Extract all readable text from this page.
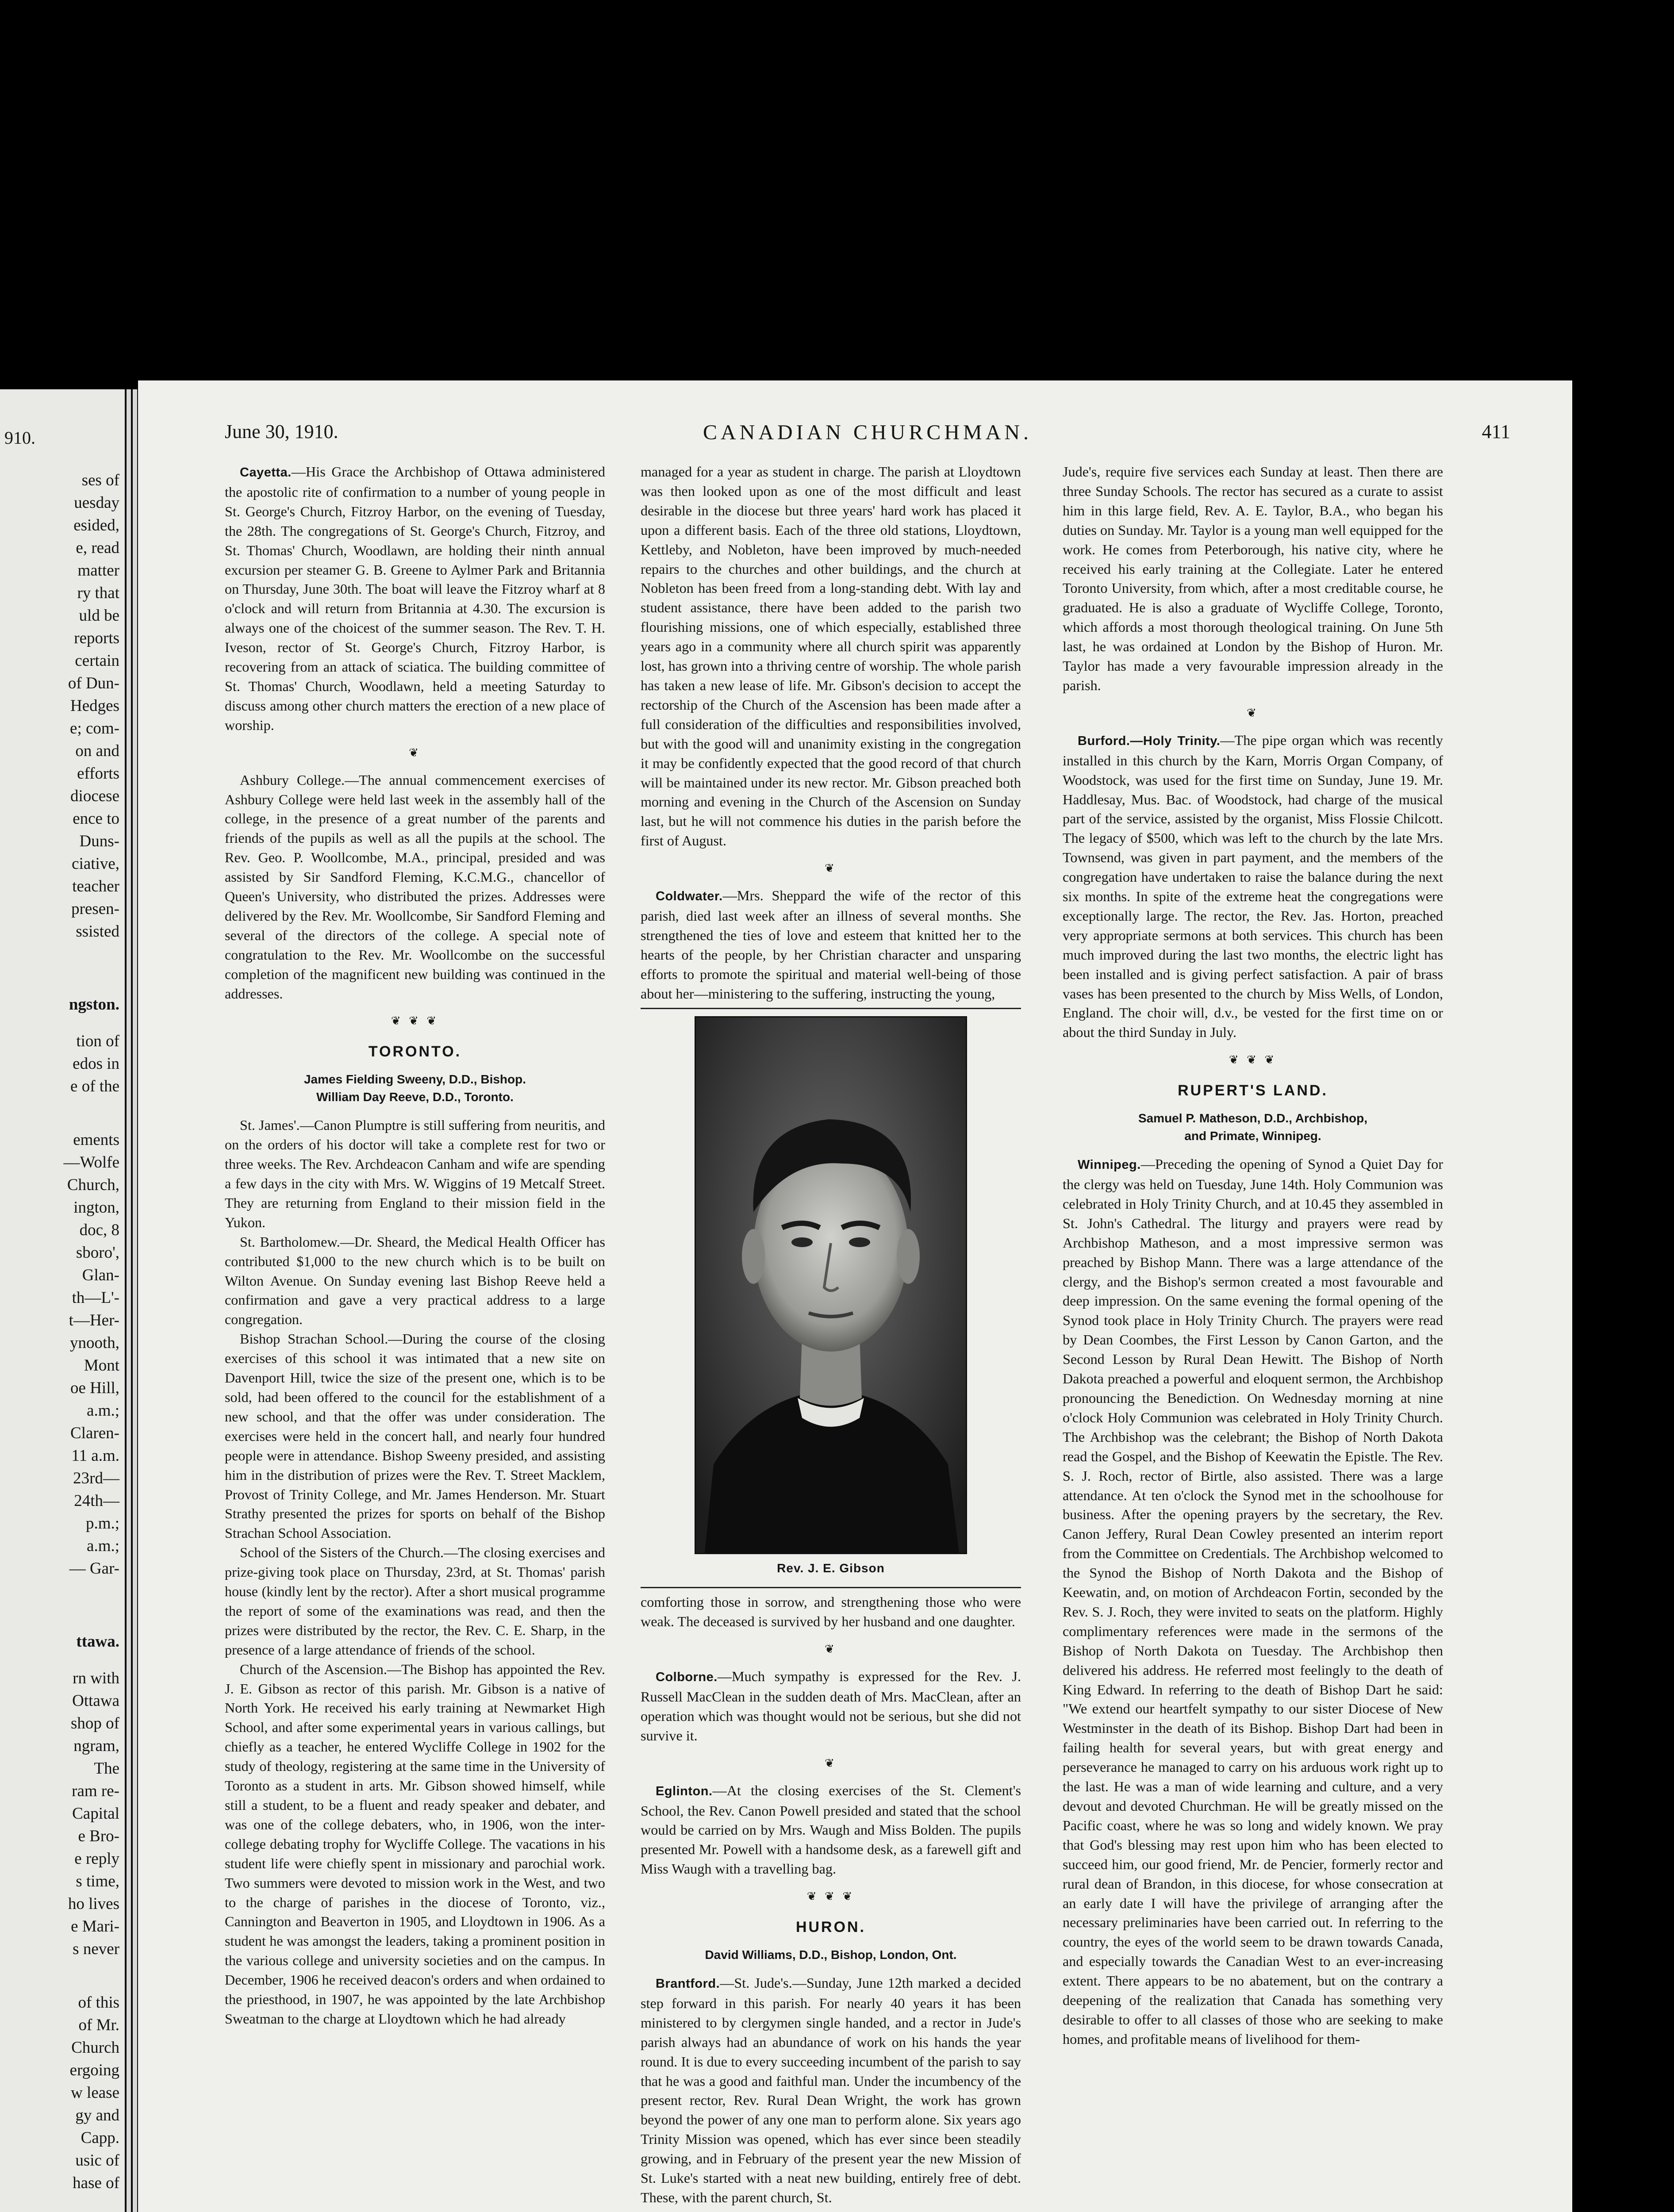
910.
ses of
uesday
esided,
e, read
matter
ry that
uld be
reports
certain
of Dun-
Hedges
e; com-
on and
efforts
diocese
ence to
Duns-
ciative,
teacher
presen-
ssisted
ngston.
tion of
edos in
e of the
ements
—Wolfe
Church,
ington,
doc, 8
sboro',
Glan-
th—L'-
t—Her-
ynooth,
Mont
oe Hill,
a.m.;
Claren-
11 a.m.
23rd—
24th—
p.m.;
a.m.;
— Gar-
ttawa.
rn with
Ottawa
shop of
ngram,
The
ram re-
Capital
e Bro-
e reply
s time,
ho lives
e Mari-
s never
of this
of Mr.
Church
ergoing
w lease
gy and
Capp.
usic of
hase of
June 30, 1910.	CANADIAN CHURCHMAN.	411

Cayetta.—His Grace the Archbishop of Ottawa administered the apostolic rite of confirmation to a number of young people in St. George's Church, Fitzroy Harbor, on the evening of Tuesday, the 28th. The congregations of St. George's Church, Fitzroy, and St. Thomas' Church, Woodlawn, are holding their ninth annual excursion per steamer G. B. Greene to Aylmer Park and Britannia on Thursday, June 30th. The boat will leave the Fitzroy wharf at 8 o'clock and will return from Britannia at 4.30. The excursion is always one of the choicest of the summer season. The Rev. T. H. Iveson, rector of St. George's Church, Fitzroy Harbor, is recovering from an attack of sciatica. The building committee of St. Thomas' Church, Woodlawn, held a meeting Saturday to discuss among other church matters the erection of a new place of worship.

❦

Ashbury College.—The annual commencement exercises of Ashbury College were held last week in the assembly hall of the college, in the presence of a great number of the parents and friends of the pupils as well as all the pupils at the school. The Rev. Geo. P. Woollcombe, M.A., principal, presided and was assisted by Sir Sandford Fleming, K.C.M.G., chancellor of Queen's University, who distributed the prizes. Addresses were delivered by the Rev. Mr. Woollcombe, Sir Sandford Fleming and several of the directors of the college. A special note of congratulation to the Rev. Mr. Woollcombe on the successful completion of the magnificent new building was continued in the addresses.

❦ ❦ ❦
TORONTO.
James Fielding Sweeny, D.D., Bishop.
William Day Reeve, D.D., Toronto.

St. James'.—Canon Plumptre is still suffering from neuritis, and on the orders of his doctor will take a complete rest for two or three weeks. The Rev. Archdeacon Canham and wife are spending a few days in the city with Mrs. W. Wiggins of 19 Metcalf Street. They are returning from England to their mission field in the Yukon.

St. Bartholomew.—Dr. Sheard, the Medical Health Officer has contributed $1,000 to the new church which is to be built on Wilton Avenue. On Sunday evening last Bishop Reeve held a confirmation and gave a very practical address to a large congregation.

Bishop Strachan School.—During the course of the closing exercises of this school it was intimated that a new site on Davenport Hill, twice the size of the present one, which is to be sold, had been offered to the council for the establishment of a new school, and that the offer was under consideration. The exercises were held in the concert hall, and nearly four hundred people were in attendance. Bishop Sweeny presided, and assisting him in the distribution of prizes were the Rev. T. Street Macklem, Provost of Trinity College, and Mr. James Henderson. Mr. Stuart Strathy presented the prizes for sports on behalf of the Bishop Strachan School Association.

School of the Sisters of the Church.—The closing exercises and prize-giving took place on Thursday, 23rd, at St. Thomas' parish house (kindly lent by the rector). After a short musical programme the report of some of the examinations was read, and then the prizes were distributed by the rector, the Rev. C. E. Sharp, in the presence of a large attendance of friends of the school.

Church of the Ascension.—The Bishop has appointed the Rev. J. E. Gibson as rector of this parish. Mr. Gibson is a native of North York. He received his early training at Newmarket High School, and after some experimental years in various callings, but chiefly as a teacher, he entered Wycliffe College in 1902 for the study of theology, registering at the same time in the University of Toronto as a student in arts. Mr. Gibson showed himself, while still a student, to be a fluent and ready speaker and debater, and was one of the college debaters, who, in 1906, won the inter-college debating trophy for Wycliffe College. The vacations in his student life were chiefly spent in missionary and parochial work. Two summers were devoted to mission work in the West, and two to the charge of parishes in the diocese of Toronto, viz., Cannington and Beaverton in 1905, and Lloydtown in 1906. As a student he was amongst the leaders, taking a prominent position in the various college and university societies and on the campus. In December, 1906 he received deacon's orders and when ordained to the priesthood, in 1907, he was appointed by the late Archbishop Sweatman to the charge at Lloydtown which he had already

managed for a year as student in charge. The parish at Lloydtown was then looked upon as one of the most difficult and least desirable in the diocese but three years' hard work has placed it upon a different basis. Each of the three old stations, Lloydtown, Kettleby, and Nobleton, have been improved by much-needed repairs to the churches and other buildings, and the church at Nobleton has been freed from a long-standing debt. With lay and student assistance, there have been added to the parish two flourishing missions, one of which especially, established three years ago in a community where all church spirit was apparently lost, has grown into a thriving centre of worship. The whole parish has taken a new lease of life. Mr. Gibson's decision to accept the rectorship of the Church of the Ascension has been made after a full consideration of the difficulties and responsibilities involved, but with the good will and unanimity existing in the congregation it may be confidently expected that the good record of that church will be maintained under its new rector. Mr. Gibson preached both morning and evening in the Church of the Ascension on Sunday last, but he will not commence his duties in the parish before the first of August.

❦

Coldwater.—Mrs. Sheppard the wife of the rector of this parish, died last week after an illness of several months. She strengthened the ties of love and esteem that knitted her to the hearts of the people, by her Christian character and unsparing efforts to promote the spiritual and material well-being of those about her—ministering to the suffering, instructing the young,

Rev. J. E. Gibson

comforting those in sorrow, and strengthening those who were weak. The deceased is survived by her husband and one daughter.

❦

Colborne.—Much sympathy is expressed for the Rev. J. Russell MacClean in the sudden death of Mrs. MacClean, after an operation which was thought would not be serious, but she did not survive it.

❦

Eglinton.—At the closing exercises of the St. Clement's School, the Rev. Canon Powell presided and stated that the school would be carried on by Mrs. Waugh and Miss Bolden. The pupils presented Mr. Powell with a handsome desk, as a farewell gift and Miss Waugh with a travelling bag.

❦ ❦ ❦
HURON.
David Williams, D.D., Bishop, London, Ont.

Brantford.—St. Jude's.—Sunday, June 12th marked a decided step forward in this parish. For nearly 40 years it has been ministered to by clergymen single handed, and a rector in Jude's parish always had an abundance of work on his hands the year round. It is due to every succeeding incumbent of the parish to say that he was a good and faithful man. Under the incumbency of the present rector, Rev. Rural Dean Wright, the work has grown beyond the power of any one man to perform alone. Six years ago Trinity Mission was opened, which has ever since been steadily growing, and in February of the present year the new Mission of St. Luke's started with a neat new building, entirely free of debt. These, with the parent church, St.

Jude's, require five services each Sunday at least. Then there are three Sunday Schools. The rector has secured as a curate to assist him in this large field, Rev. A. E. Taylor, B.A., who began his duties on Sunday. Mr. Taylor is a young man well equipped for the work. He comes from Peterborough, his native city, where he received his early training at the Collegiate. Later he entered Toronto University, from which, after a most creditable course, he graduated. He is also a graduate of Wycliffe College, Toronto, which affords a most thorough theological training. On June 5th last, he was ordained at London by the Bishop of Huron. Mr. Taylor has made a very favourable impression already in the parish.

❦

Burford.—Holy Trinity.—The pipe organ which was recently installed in this church by the Karn, Morris Organ Company, of Woodstock, was used for the first time on Sunday, June 19. Mr. Haddlesay, Mus. Bac. of Woodstock, had charge of the musical part of the service, assisted by the organist, Miss Flossie Chilcott. The legacy of $500, which was left to the church by the late Mrs. Townsend, was given in part payment, and the members of the congregation have undertaken to raise the balance during the next six months. In spite of the extreme heat the congregations were exceptionally large. The rector, the Rev. Jas. Horton, preached very appropriate sermons at both services. This church has been much improved during the last two months, the electric light has been installed and is giving perfect satisfaction. A pair of brass vases has been presented to the church by Miss Wells, of London, England. The choir will, d.v., be vested for the first time on or about the third Sunday in July.

❦ ❦ ❦
RUPERT'S LAND.
Samuel P. Matheson, D.D., Archbishop,
and Primate, Winnipeg.

Winnipeg.—Preceding the opening of Synod a Quiet Day for the clergy was held on Tuesday, June 14th. Holy Communion was celebrated in Holy Trinity Church, and at 10.45 they assembled in St. John's Cathedral. The liturgy and prayers were read by Archbishop Matheson, and a most impressive sermon was preached by Bishop Mann. There was a large attendance of the clergy, and the Bishop's sermon created a most favourable and deep impression. On the same evening the formal opening of the Synod took place in Holy Trinity Church. The prayers were read by Dean Coombes, the First Lesson by Canon Garton, and the Second Lesson by Rural Dean Hewitt. The Bishop of North Dakota preached a powerful and eloquent sermon, the Archbishop pronouncing the Benediction. On Wednesday morning at nine o'clock Holy Communion was celebrated in Holy Trinity Church. The Archbishop was the celebrant; the Bishop of North Dakota read the Gospel, and the Bishop of Keewatin the Epistle. The Rev. S. J. Roch, rector of Birtle, also assisted. There was a large attendance. At ten o'clock the Synod met in the schoolhouse for business. After the opening prayers by the secretary, the Rev. Canon Jeffery, Rural Dean Cowley presented an interim report from the Committee on Credentials. The Archbishop welcomed to the Synod the Bishop of North Dakota and the Bishop of Keewatin, and, on motion of Archdeacon Fortin, seconded by the Rev. S. J. Roch, they were invited to seats on the platform. Highly complimentary references were made in the sermons of the Bishop of North Dakota on Tuesday. The Archbishop then delivered his address. He referred most feelingly to the death of King Edward. In referring to the death of Bishop Dart he said: "We extend our heartfelt sympathy to our sister Diocese of New Westminster in the death of its Bishop. Bishop Dart had been in failing health for several years, but with great energy and perseverance he managed to carry on his arduous work right up to the last. He was a man of wide learning and culture, and a very devout and devoted Churchman. He will be greatly missed on the Pacific coast, where he was so long and widely known. We pray that God's blessing may rest upon him who has been elected to succeed him, our good friend, Mr. de Pencier, formerly rector and rural dean of Brandon, in this diocese, for whose consecration at an early date I will have the privilege of arranging after the necessary preliminaries have been carried out. In referring to the country, the eyes of the world seem to be drawn towards Canada, and especially towards the Canadian West to an ever-increasing extent. There appears to be no abatement, but on the contrary a deepening of the realization that Canada has something very desirable to offer to all classes of those who are seeking to make homes, and profitable means of livelihood for them-
